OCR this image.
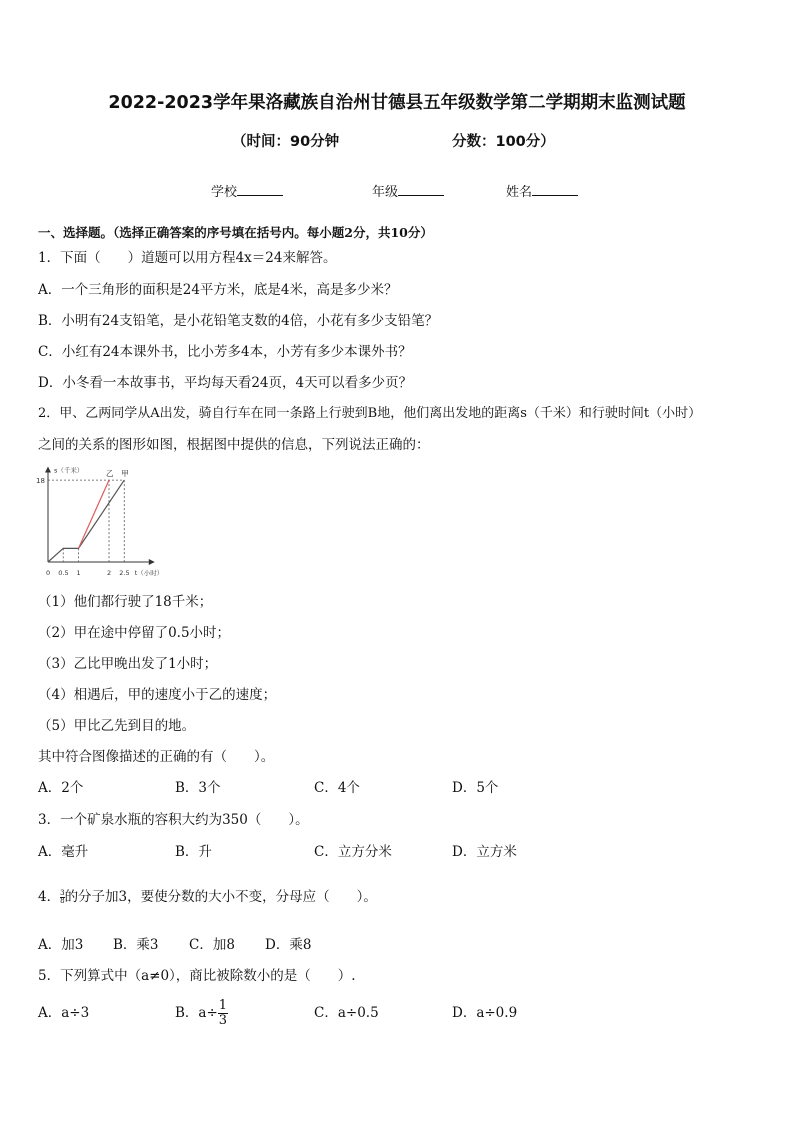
2022-2023学年果洛藏族自治州甘德县五年级数学第二学期期末监测试题
（时间：90分钟	分数：100分）
学校	年级	姓名
一、选择题。（选择正确答案的序号填在括号内。每小题2分，共10分）
1．下面（　　）道题可以用方程4x＝24来解答。
A．一个三角形的面积是24平方米，底是4米，高是多少米？
B．小明有24支铅笔，是小花铅笔支数的4倍，小花有多少支铅笔？
C．小红有24本课外书，比小芳多4本，小芳有多少本课外书？
D．小冬看一本故事书，平均每天看24页，4天可以看多少页？
2．甲、乙两同学从A出发，骑自行车在同一条路上行驶到B地，他们离出发地的距离s（千米）和行驶时间t（小时）
之间的关系的图形如图，根据图中提供的信息，下列说法正确的：
s（千米）
t（小时）
0 0.5 1	2 2.5
18
甲
乙
（1）他们都行驶了18千米；
（2）甲在途中停留了0.5小时；
（3）乙比甲晚出发了1小时；
（4）相遇后，甲的速度小于乙的速度；
（5）甲比乙先到目的地。
其中符合图像描述的正确的有（　　）。
A．2个	B．3个	C．4个	D．5个
3．一个矿泉水瓶的容积大约为350（　　）。
A．毫升	B．升	C．立方分米	D．立方米
4． $\frac{3}{8}$ 的分子加3，要使分数的大小不变，分母应（　　）。
A．加3 B．乘3 C．加8 D．乘8
5．下列算式中（a≠0），商比被除数小的是（　　）.
A．a÷3	B．$a\div \frac{1}{3}$	C．a÷0.5	D．a÷0.9
